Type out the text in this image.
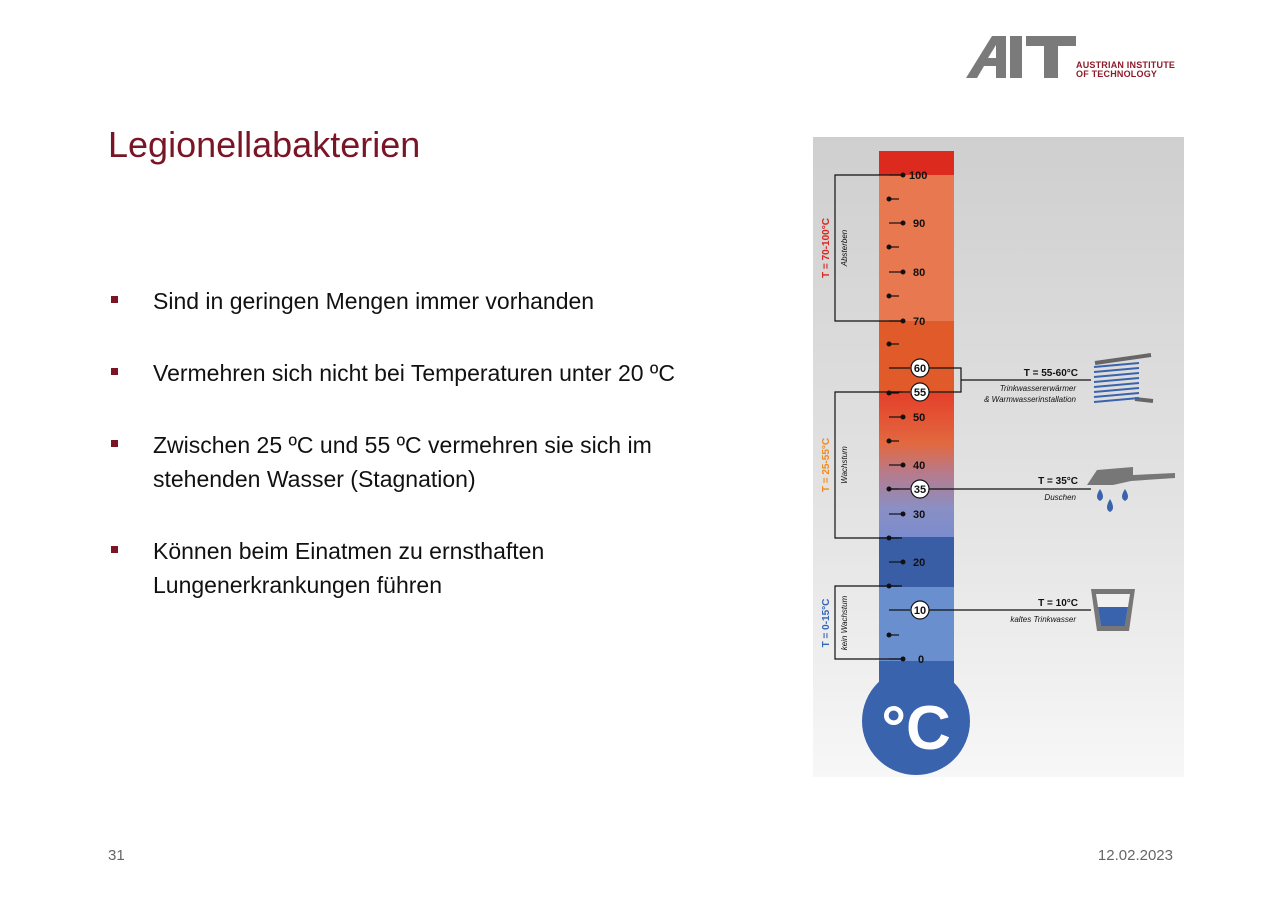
AUSTRIAN INSTITUTE
OF TECHNOLOGY
Legionellabakterien
Sind in geringen Mengen immer vorhanden
Vermehren sich nicht bei Temperaturen unter 20 ºC
Zwischen 25 ºC und 55 ºC vermehren sie sich im
stehenden Wasser (Stagnation)
Können beim Einatmen zu ernsthaften
Lungenerkrankungen führen
°C
100
90
80
70
50
40
30
20
0
60
55
35
10
T = 70-100°C Absterben
T = 25-55°C Wachstum
T = 0-15°C kein Wachstum
T = 55-60°C
Trinkwassererwärmer
& Warmwasserinstallation
T = 35°C
Duschen
T = 10°C
kaltes Trinkwasser
31	12.02.2023
